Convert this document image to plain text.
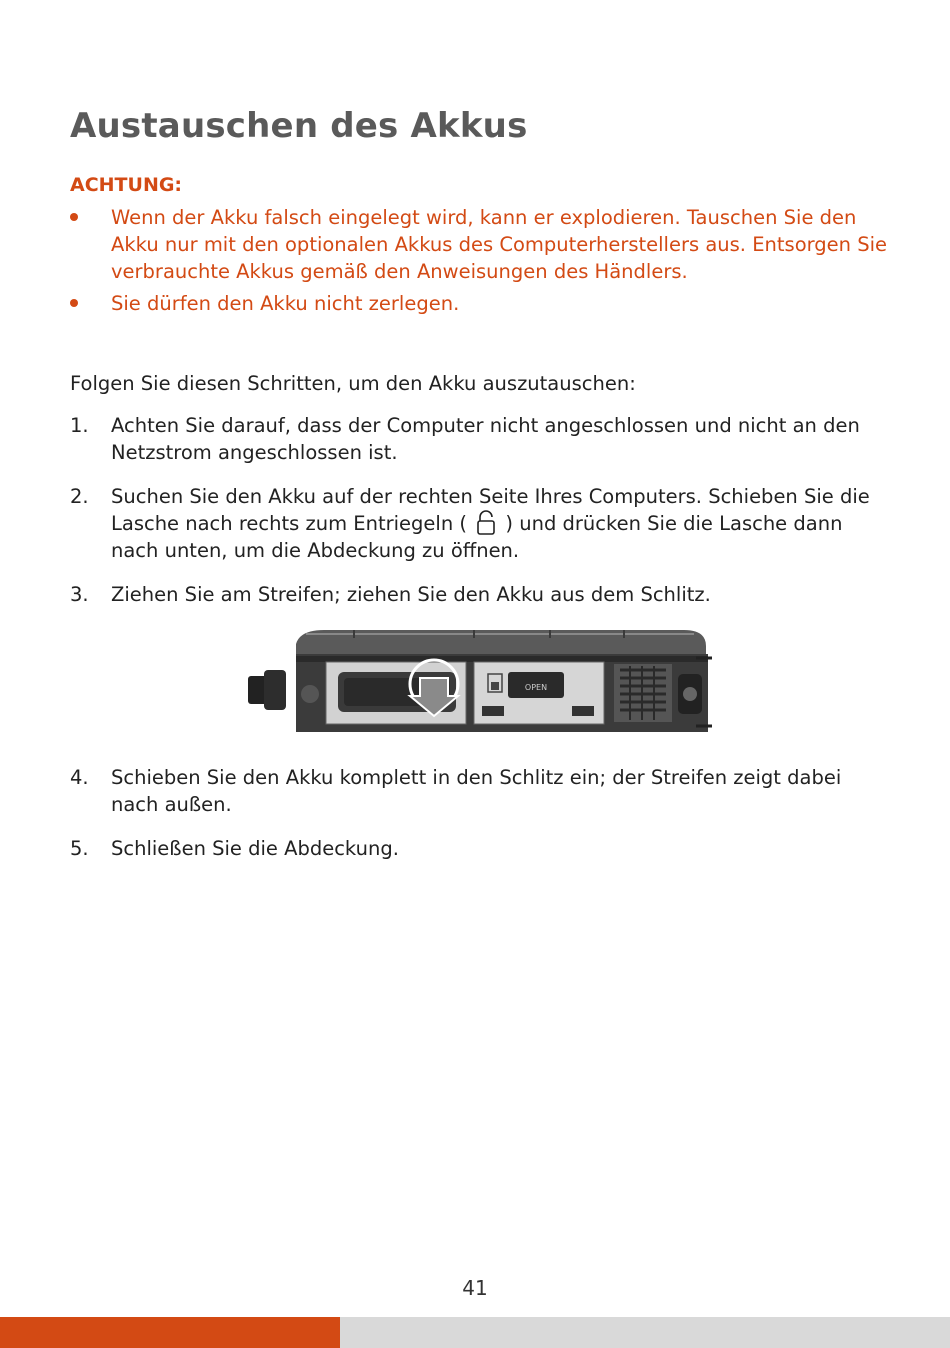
Austauschen des Akkus
ACHTUNG:
Wenn der Akku falsch eingelegt wird, kann er explodieren. Tauschen Sie den Akku nur mit den optionalen Akkus des Computerherstellers aus. Entsorgen Sie verbrauchte Akkus gemäß den Anweisungen des Händlers.
Sie dürfen den Akku nicht zerlegen.
Folgen Sie diesen Schritten, um den Akku auszutauschen:
1. Achten Sie darauf, dass der Computer nicht angeschlossen und nicht an den Netzstrom angeschlossen ist.
2. Suchen Sie den Akku auf der rechten Seite Ihres Computers. Schieben Sie die Lasche nach rechts zum Entriegeln ( ) und drücken Sie die Lasche dann nach unten, um die Abdeckung zu öffnen.
3. Ziehen Sie am Streifen; ziehen Sie den Akku aus dem Schlitz.
OPEN
4. Schieben Sie den Akku komplett in den Schlitz ein; der Streifen zeigt dabei nach außen.
5. Schließen Sie die Abdeckung.
41
